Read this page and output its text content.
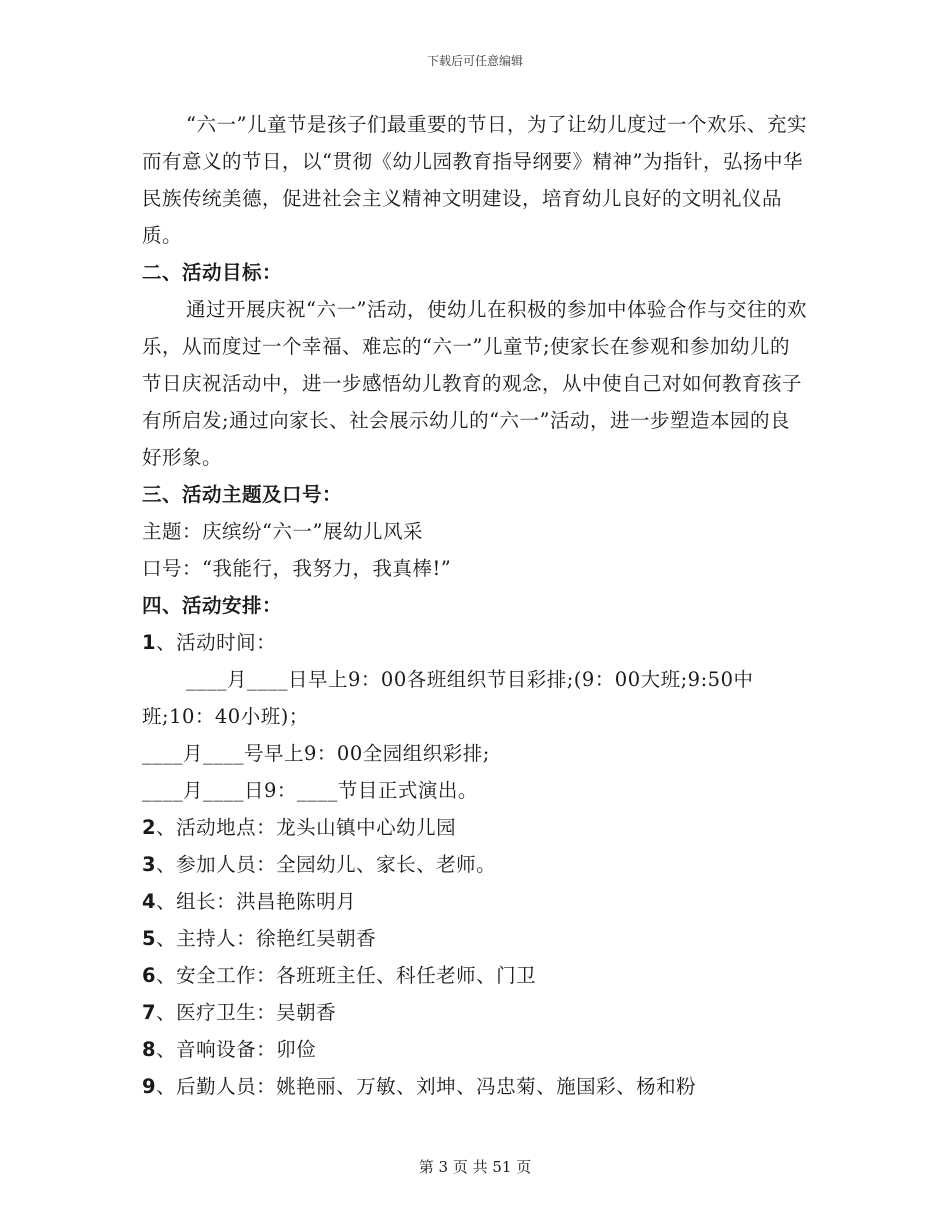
下载后可任意编辑

“六一”儿童节是孩子们最重要的节日，为了让幼儿度过一个欢乐、充实而有意义的节日，以“贯彻《幼儿园教育指导纲要》精神”为指针，弘扬中华民族传统美德，促进社会主义精神文明建设，培育幼儿良好的文明礼仪品质。

二、活动目标：

通过开展庆祝“六一”活动，使幼儿在积极的参加中体验合作与交往的欢乐，从而度过一个幸福、难忘的“六一”儿童节;使家长在参观和参加幼儿的节日庆祝活动中，进一步感悟幼儿教育的观念，从中使自己对如何教育孩子有所启发;通过向家长、社会展示幼儿的“六一”活动，进一步塑造本园的良好形象。

三、活动主题及口号：

主题：庆缤纷“六一”展幼儿风采

口号：“我能行，我努力，我真棒!”

四、活动安排：

1、活动时间：

____月____日早上9：00各班组织节目彩排;(9：00大班;9:50中班;10：40小班)；

____月____号早上9：00全园组织彩排;

____月____日9：____节目正式演出。

2、活动地点：龙头山镇中心幼儿园

3、参加人员：全园幼儿、家长、老师。

4、组长：洪昌艳陈明月

5、主持人：徐艳红吴朝香

6、安全工作：各班班主任、科任老师、门卫

7、医疗卫生：吴朝香

8、音响设备：卯俭

9、后勤人员：姚艳丽、万敏、刘坤、冯忠菊、施国彩、杨和粉

第 3 页 共 51 页
